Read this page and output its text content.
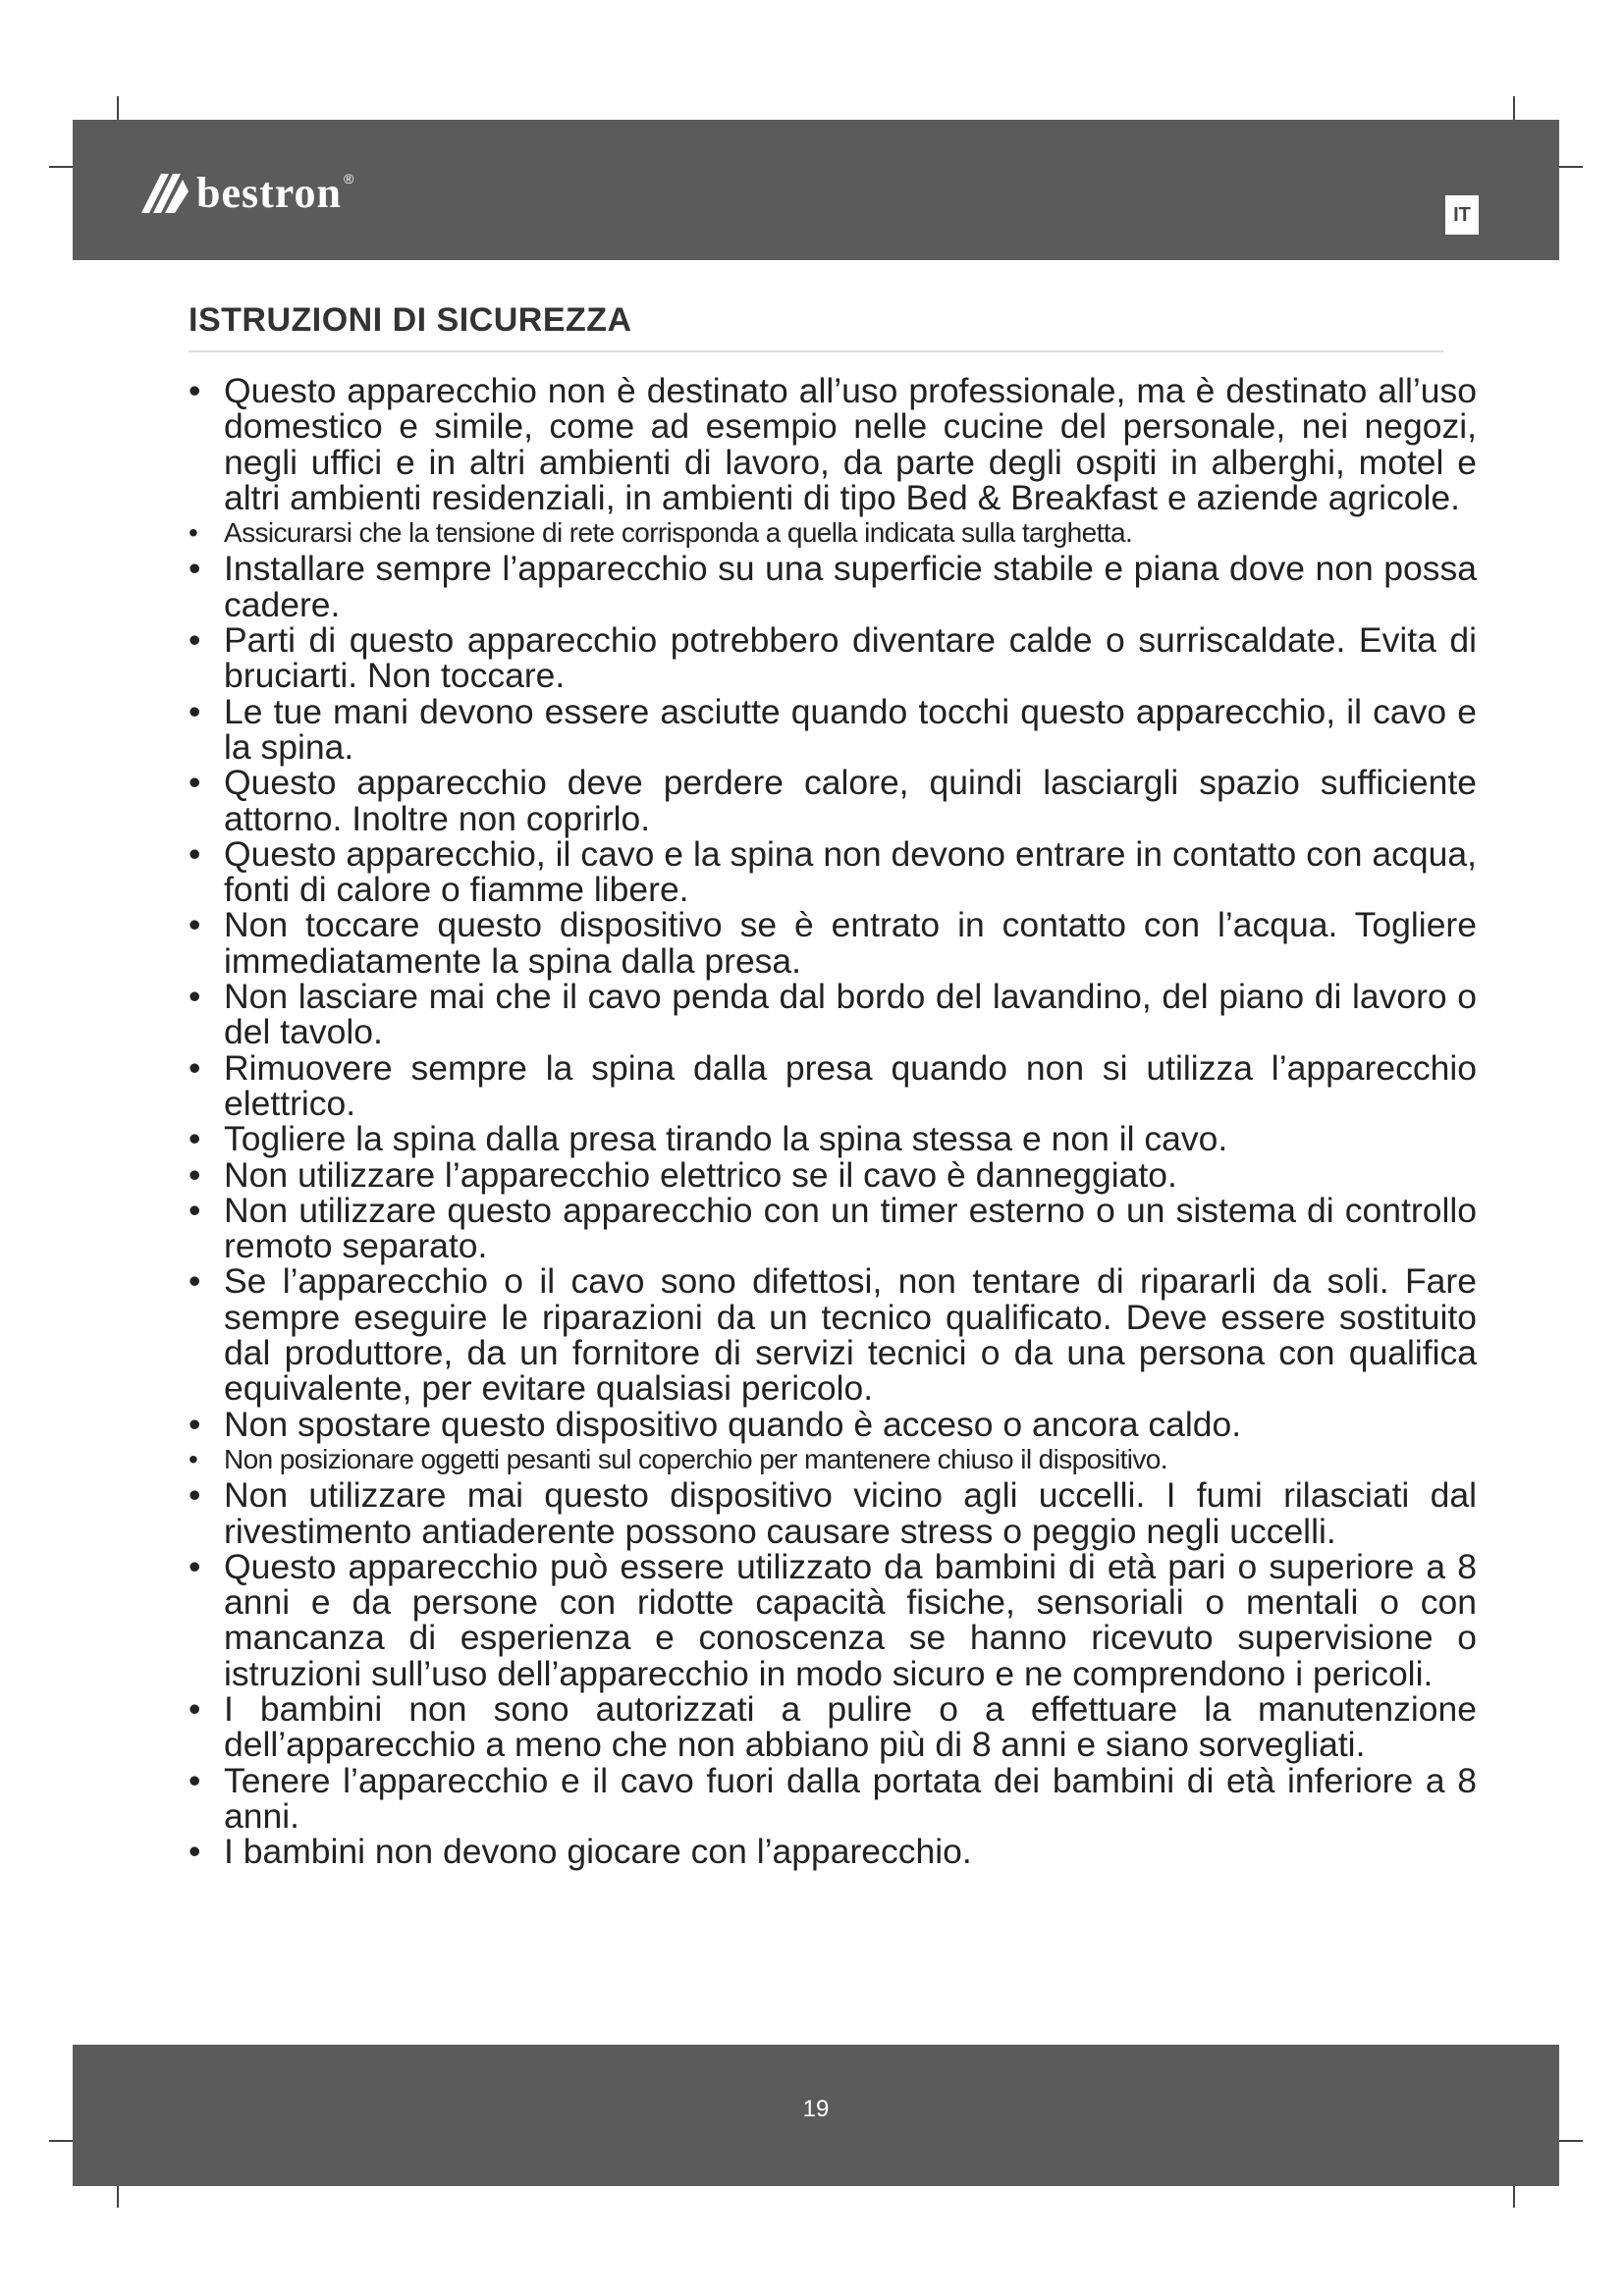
bestron ®
IT
ISTRUZIONI DI SICUREZZA
• Questo apparecchio non è destinato all’uso professionale, ma è destinato all’uso domestico e simile, come ad esempio nelle cucine del personale, nei negozi, negli uffici e in altri ambienti di lavoro, da parte degli ospiti in alberghi, motel e altri ambienti residenziali, in ambienti di tipo Bed & Breakfast e aziende agricole.
• Assicurarsi che la tensione di rete corrisponda a quella indicata sulla targhetta.
• Installare sempre l’apparecchio su una superficie stabile e piana dove non possa cadere.
• Parti di questo apparecchio potrebbero diventare calde o surriscaldate. Evita di bruciarti. Non toccare.
• Le tue mani devono essere asciutte quando tocchi questo apparecchio, il cavo e la spina.
• Questo apparecchio deve perdere calore, quindi lasciargli spazio sufficiente attorno. Inoltre non coprirlo.
• Questo apparecchio, il cavo e la spina non devono entrare in contatto con acqua, fonti di calore o fiamme libere.
• Non toccare questo dispositivo se è entrato in contatto con l’acqua. Togliere immediatamente la spina dalla presa.
• Non lasciare mai che il cavo penda dal bordo del lavandino, del piano di lavoro o del tavolo.
• Rimuovere sempre la spina dalla presa quando non si utilizza l’apparecchio elettrico.
• Togliere la spina dalla presa tirando la spina stessa e non il cavo.
• Non utilizzare l’apparecchio elettrico se il cavo è danneggiato.
• Non utilizzare questo apparecchio con un timer esterno o un sistema di controllo remoto separato.
• Se l’apparecchio o il cavo sono difettosi, non tentare di ripararli da soli. Fare sempre eseguire le riparazioni da un tecnico qualificato. Deve essere sostituito dal produttore, da un fornitore di servizi tecnici o da una persona con qualifica equivalente, per evitare qualsiasi pericolo.
• Non spostare questo dispositivo quando è acceso o ancora caldo.
• Non posizionare oggetti pesanti sul coperchio per mantenere chiuso il dispositivo.
• Non utilizzare mai questo dispositivo vicino agli uccelli. I fumi rilasciati dal rivestimento antiaderente possono causare stress o peggio negli uccelli.
• Questo apparecchio può essere utilizzato da bambini di età pari o superiore a 8 anni e da persone con ridotte capacità fisiche, sensoriali o mentali o con mancanza di esperienza e conoscenza se hanno ricevuto supervisione o istruzioni sull’uso dell’apparecchio in modo sicuro e ne comprendono i pericoli.
• I bambini non sono autorizzati a pulire o a effettuare la manutenzione dell’apparecchio a meno che non abbiano più di 8 anni e siano sorvegliati.
• Tenere l’apparecchio e il cavo fuori dalla portata dei bambini di età inferiore a 8 anni.
• I bambini non devono giocare con l’apparecchio.
19
